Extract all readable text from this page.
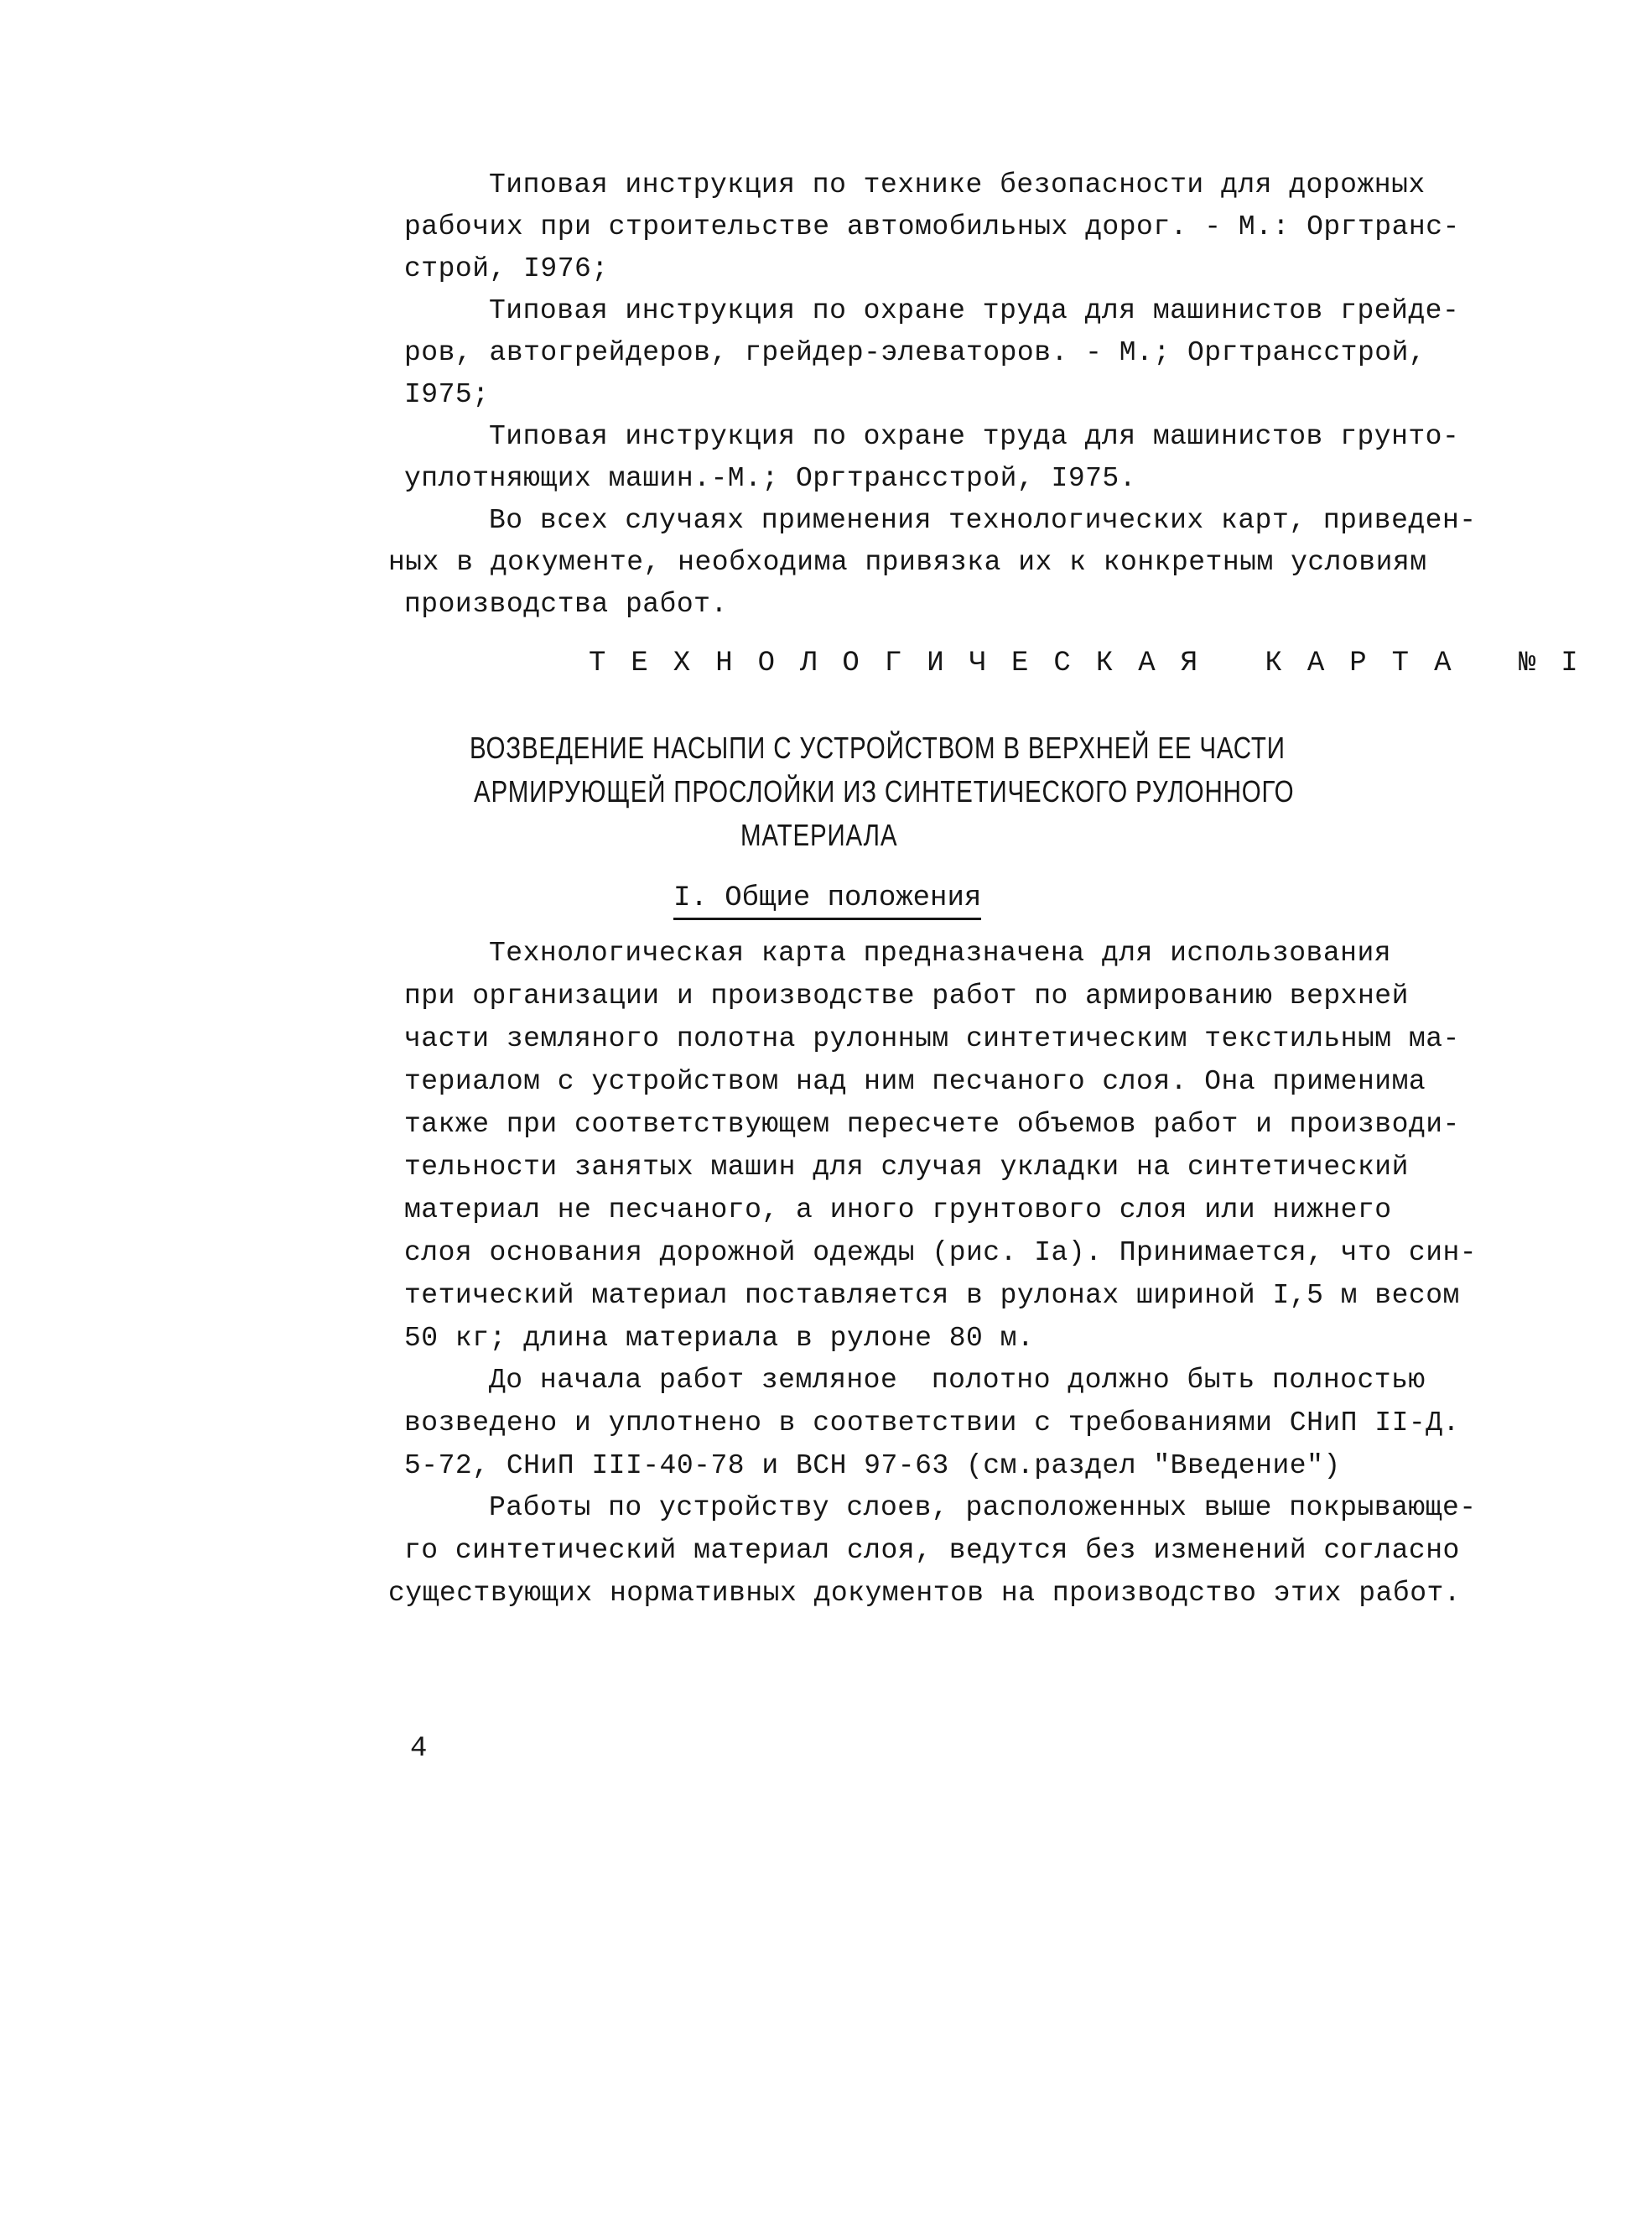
Типовая инструкция по технике безопасности для дорожных
рабочих при строительстве автомобильных дорог. - М.: Оргтранс-
строй, I976;
Типовая инструкция по охране труда для машинистов грейде-
ров, автогрейдеров, грейдер-элеваторов. - М.; Оргтрансстрой,
I975;
Типовая инструкция по охране труда для машинистов грунто-
уплотняющих машин.-М.; Оргтрансстрой, I975.
Во всех случаях применения технологических карт, приведен-
ных в документе, необходима привязка их к конкретным условиям
производства работ.
ТЕХНОЛОГИЧЕСКАЯ КАРТА №I
ВОЗВЕДЕНИЕ НАСЫПИ С УСТРОЙСТВОМ В ВЕРХНЕЙ ЕЕ ЧАСТИ
АРМИРУЮЩЕЙ ПРОСЛОЙКИ ИЗ СИНТЕТИЧЕСКОГО РУЛОННОГО
МАТЕРИАЛА
I. Общие положения
Технологическая карта предназначена для использования
при организации и производстве работ по армированию верхней
части земляного полотна рулонным синтетическим текстильным ма-
териалом с устройством над ним песчаного слоя. Она применима
также при соответствующем пересчете объемов работ и производи-
тельности занятых машин для случая укладки на синтетический
материал не песчаного, а иного грунтового слоя или нижнего
слоя основания дорожной одежды (рис. Iа). Принимается, что син-
тетический материал поставляется в рулонах шириной I,5 м весом
50 кг; длина материала в рулоне 80 м.
До начала работ земляное  полотно должно быть полностью
возведено и уплотнено в соответствии с требованиями СНиП II-Д.
5-72, СНиП III-40-78 и ВСН 97-63 (см.раздел "Введение")
Работы по устройству слоев, расположенных выше покрывающе-
го синтетический материал слоя, ведутся без изменений согласно
существующих нормативных документов на производство этих работ.
4
